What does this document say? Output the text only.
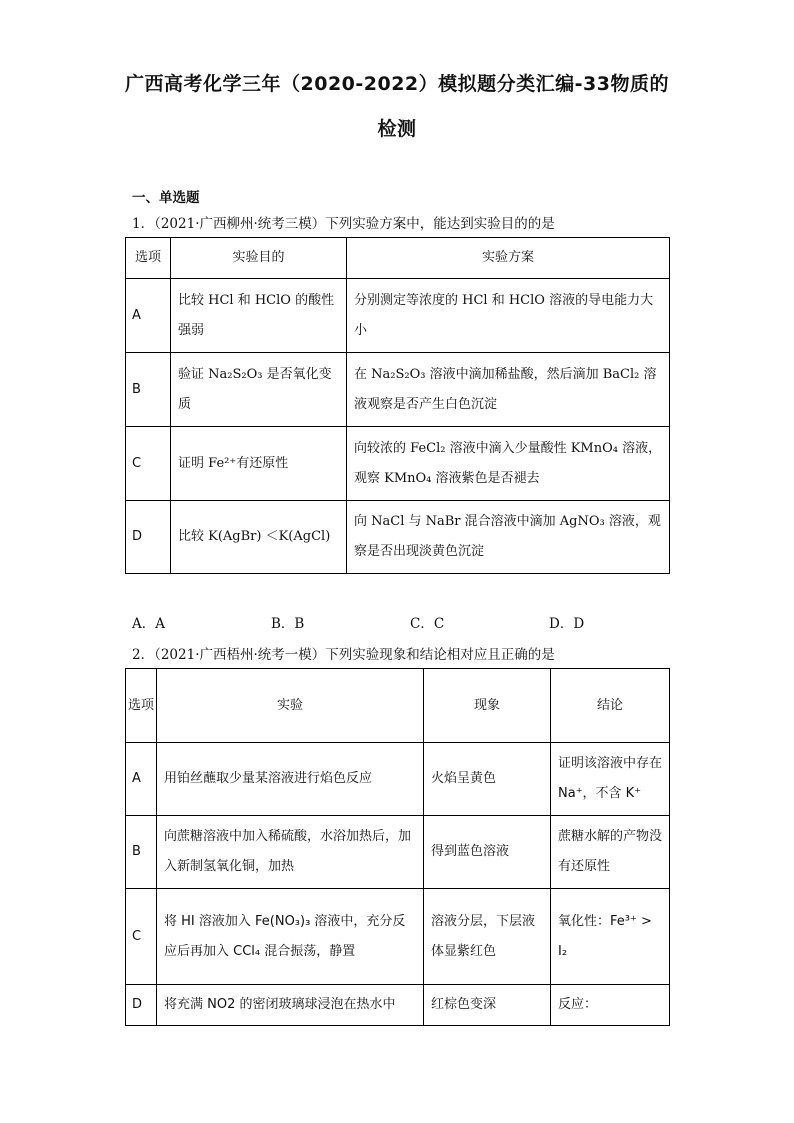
广西高考化学三年（2020-2022）模拟题分类汇编-33物质的
检测
一、单选题
1．（2021·广西柳州·统考三模）下列实验方案中，能达到实验目的的是
选项	实验目的	实验方案
A	比较 HCl 和 HClO 的酸性强弱	分别测定等浓度的 HCl 和 HClO 溶液的导电能力大小
B	验证 Na₂S₂O₃ 是否氧化变质	在 Na₂S₂O₃ 溶液中滴加稀盐酸，然后滴加 BaCl₂ 溶液观察是否产生白色沉淀
C	证明 Fe²⁺有还原性	向较浓的 FeCl₂ 溶液中滴入少量酸性 KMnO₄ 溶液，观察 KMnO₄ 溶液紫色是否褪去
D	比较 K(AgBr) ＜K(AgCl)	向 NaCl 与 NaBr 混合溶液中滴加 AgNO₃ 溶液，观察是否出现淡黄色沉淀
A．A	B．B	C．C	D．D
2．（2021·广西梧州·统考一模）下列实验现象和结论相对应且正确的是
选项	实验	现象	结论
A	用铂丝蘸取少量某溶液进行焰色反应	火焰呈黄色	证明该溶液中存在 Na⁺，不含 K⁺
B	向蔗糖溶液中加入稀硫酸，水浴加热后，加入新制氢氧化铜，加热	得到蓝色溶液	蔗糖水解的产物没有还原性
C	将 HI 溶液加入 Fe(NO₃)₃ 溶液中，充分反应后再加入 CCl₄ 混合振荡，静置	溶液分层，下层液体显紫红色	氧化性：Fe³⁺ > I₂
D	将充满 NO2 的密闭玻璃球浸泡在热水中	红棕色变深	反应：
